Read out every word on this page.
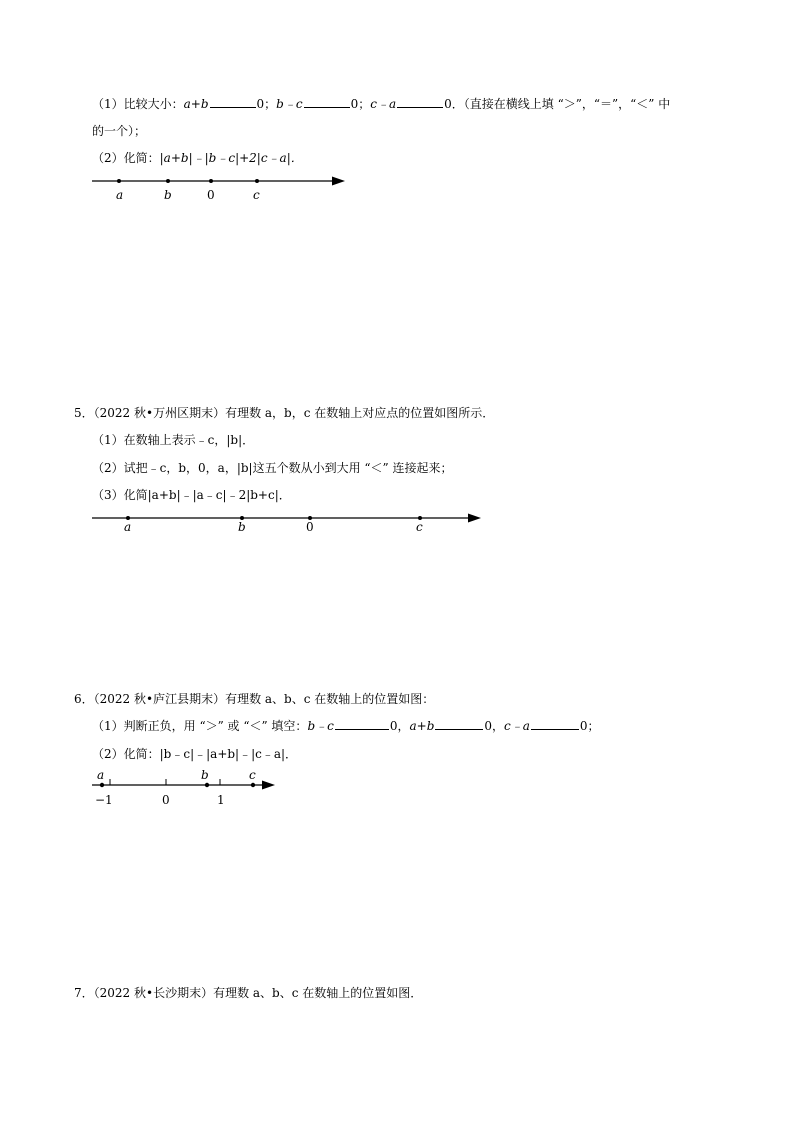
（1）比较大小：a+b	0；b﹣c	0；c﹣a	0．（直接在横线上填 “＞”，“＝”，“＜” 中
的一个）；
（2）化简：|a+b|﹣|b﹣c|+2|c﹣a|．
a	b	0	c
a	b	0	c
a	b	c
−1	0	1
5．（2022 秋•万州区期末）有理数 a，b，c 在数轴上对应点的位置如图所示．
（1）在数轴上表示﹣c，|b|．
（2）试把﹣c，b，0，a，|b|这五个数从小到大用 “＜” 连接起来；
（3）化简|a+b|﹣|a﹣c|﹣2|b+c|．
6．（2022 秋•庐江县期末）有理数 a、b、c 在数轴上的位置如图：
（1）判断正负，用 “＞” 或 “＜” 填空：b﹣c	0，a+b	0，c﹣a	0；
（2）化简：|b﹣c|﹣|a+b|﹣|c﹣a|．
7．（2022 秋•长沙期末）有理数 a、b、c 在数轴上的位置如图．
